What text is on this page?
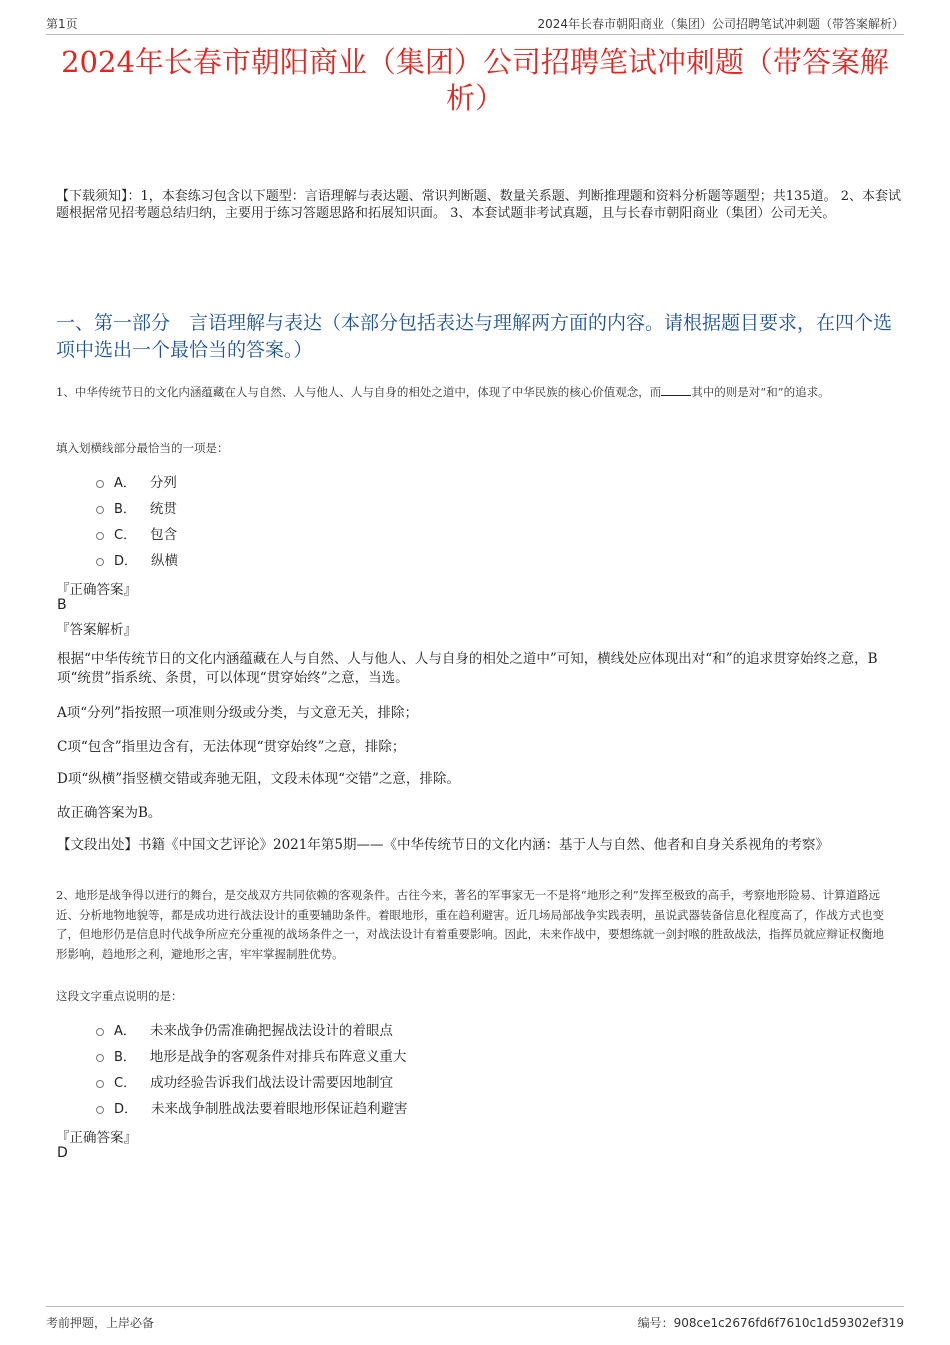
第1页	2024年长春市朝阳商业（集团）公司招聘笔试冲刺题（带答案解析）
2024年长春市朝阳商业（集团）公司招聘笔试冲刺题（带答案解析）
【下载须知】：1，本套练习包含以下题型：言语理解与表达题、常识判断题、数量关系题、判断推理题和资料分析题等题型；共135道。 2、本套试题根据常见招考题总结归纳，主要用于练习答题思路和拓展知识面。 3、本套试题非考试真题，且与长春市朝阳商业（集团）公司无关。
一、第一部分　言语理解与表达（本部分包括表达与理解两方面的内容。请根据题目要求，在四个选项中选出一个最恰当的答案。）
1、中华传统节日的文化内涵蕴藏在人与自然、人与他人、人与自身的相处之道中，体现了中华民族的核心价值观念，而	其中的则是对“和”的追求。
填入划横线部分最恰当的一项是：
A． 分列
B． 统贯
C． 包含
D． 纵横
『正确答案』
B
『答案解析』
根据“中华传统节日的文化内涵蕴藏在人与自然、人与他人、人与自身的相处之道中”可知，横线处应体现出对“和”的追求贯穿始终之意，B项“统贯”指系统、条贯，可以体现“贯穿始终”之意，当选。
A项“分列”指按照一项准则分级或分类，与文意无关，排除；
C项“包含”指里边含有，无法体现“贯穿始终”之意，排除；
D项“纵横”指竖横交错或奔驰无阻，文段未体现“交错”之意，排除。
故正确答案为B。
【文段出处】书籍《中国文艺评论》2021年第5期——《中华传统节日的文化内涵：基于人与自然、他者和自身关系视角的考察》
2、地形是战争得以进行的舞台，是交战双方共同依赖的客观条件。古往今来，著名的军事家无一不是将“地形之利”发挥至极致的高手，考察地形险易、计算道路远近、分析地物地貌等，都是成功进行战法设计的重要辅助条件。着眼地形，重在趋利避害。近几场局部战争实践表明，虽说武器装备信息化程度高了，作战方式也变了，但地形仍是信息时代战争所应充分重视的战场条件之一，对战法设计有着重要影响。因此，未来作战中，要想练就一剑封喉的胜敌战法，指挥员就应辩证权衡地形影响，趋地形之利，避地形之害，牢牢掌握制胜优势。
这段文字重点说明的是：
A． 未来战争仍需准确把握战法设计的着眼点
B． 地形是战争的客观条件对排兵布阵意义重大
C． 成功经验告诉我们战法设计需要因地制宜
D． 未来战争制胜战法要着眼地形保证趋利避害
『正确答案』
D
考前押题，上岸必备	编号：908ce1c2676fd6f7610c1d59302ef319
